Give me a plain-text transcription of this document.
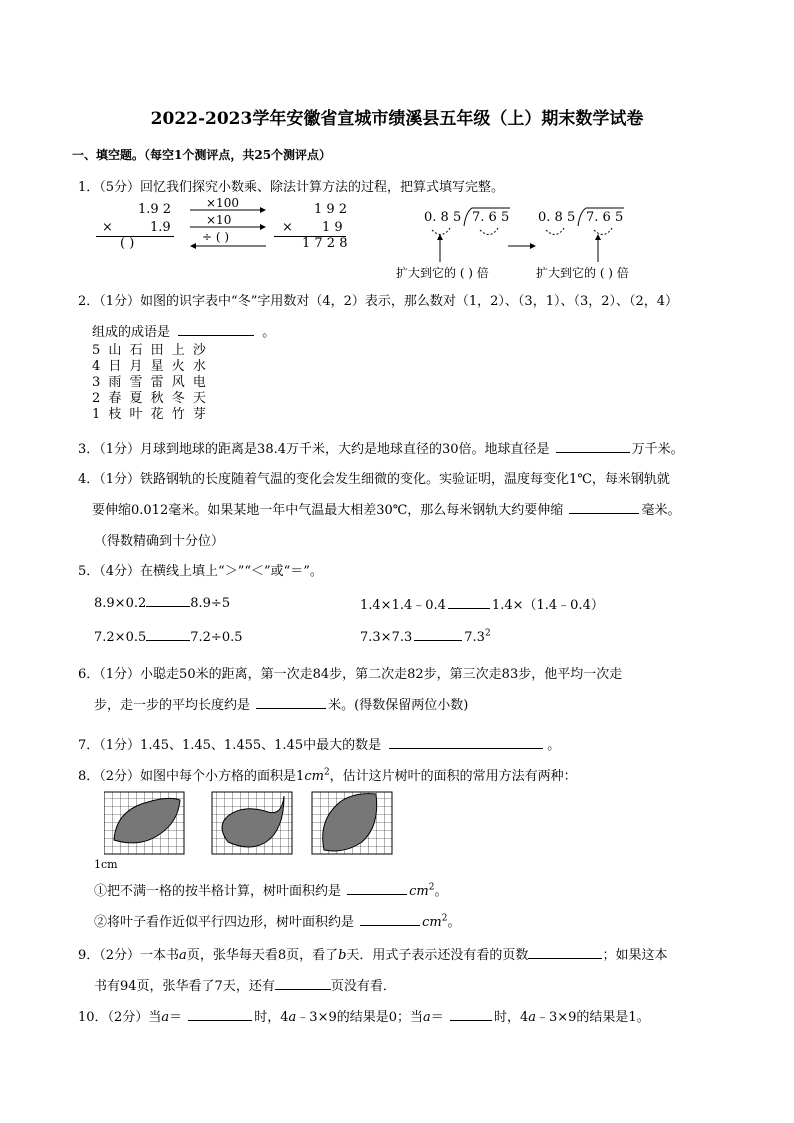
2022-2023学年安徽省宣城市绩溪县五年级（上）期末数学试卷
一、填空题。（每空1个测评点，共25个测评点）
1．（5分）回忆我们探究小数乘、除法计算方法的过程，把算式填写完整。
1.9 2
×	1.9
( )
×100
×10
÷ ( )
1 9 2
× 1 9
1 7 2 8
0. 8 5 7. 6 5 0. 8 5 7. 6 5
扩大到它的 ( ) 倍	扩大到它的 ( ) 倍
2．（1分）如图的识字表中“冬”字用数对（4，2）表示，那么数对（1，2）、（3，1）、（3，2）、（2，4）
组成的成语是	。
5 山 石 田 上 沙
4 日 月 星 火 水
3 雨 雪 雷 风 电
2 春 夏 秋 冬 天
1 枝 叶 花 竹 芽
3．（1分）月球到地球的距离是38.4万千米，大约是地球直径的30倍。地球直径是	万千米。
4．（1分）铁路钢轨的长度随着气温的变化会发生细微的变化。实验证明，温度每变化1℃，每米钢轨就
要伸缩0.012毫米。如果某地一年中气温最大相差30℃，那么每米钢轨大约要伸缩	毫米。
（得数精确到十分位）
5．（4分）在横线上填上“＞”“＜”或“＝”。
8.9×0.2	8.9÷5	1.4×1.4﹣0.4	1.4×（1.4﹣0.4）
7.2×0.5	7.2÷0.5	7.3×7.3	$7.3^2$
6．（1分）小聪走50米的距离，第一次走84步，第二次走82步，第三次走83步，他平均一次走
步，走一步的平均长度约是	米。(得数保留两位小数)
7．（1分）1.45、1.45、1.455、1.45中最大的数是	。
8．（2分）如图中每个小方格的面积是$1cm^2$，估计这片树叶的面积的常用方法有两种：
1cm
①把不满一格的按半格计算，树叶面积约是	$cm^2$。
②将叶子看作近似平行四边形，树叶面积约是	$cm^2$。
9．（2分）一本书a页，张华每天看8页，看了b天．用式子表示还没有看的页数	；如果这本
书有94页，张华看了7天，还有	页没有看．
10．（2分）当a＝	时，4a﹣3×9的结果是0；当a＝	时，4a﹣3×9的结果是1。
